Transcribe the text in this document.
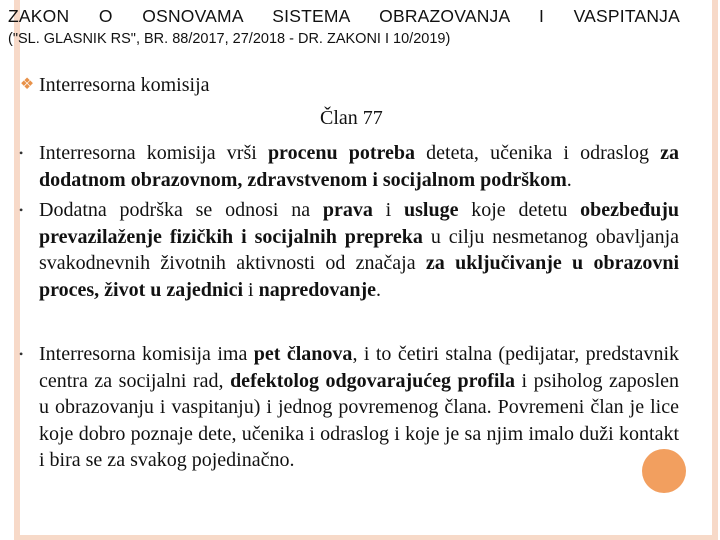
ZAKON O OSNOVAMA SISTEMA OBRAZOVANJA I VASPITANJA
("SL. GLASNIK RS", BR. 88/2017, 27/2018 - DR. ZAKONI I 10/2019)
❖ Interresorna komisija
Član 77
• Interresorna komisija vrši procenu potreba deteta, učenika i odraslog za dodatnom obrazovnom, zdravstvenom i socijalnom podrškom.
• Dodatna podrška se odnosi na prava i usluge koje detetu obezbeđuju prevazilaženje fizičkih i socijalnih prepreka u cilju nesmetanog obavljanja svakodnevnih životnih aktivnosti od značaja za uključivanje u obrazovni proces, život u zajednici i napredovanje.
• Interresorna komisija ima pet članova, i to četiri stalna (pedijatar, predstavnik centra za socijalni rad, defektolog odgovarajućeg profila i psiholog zaposlen u obrazovanju i vaspitanju) i jednog povremenog člana. Povremeni član je lice koje dobro poznaje dete, učenika i odraslog i koje je sa njim imalo duži kontakt i bira se za svakog pojedinačno.
